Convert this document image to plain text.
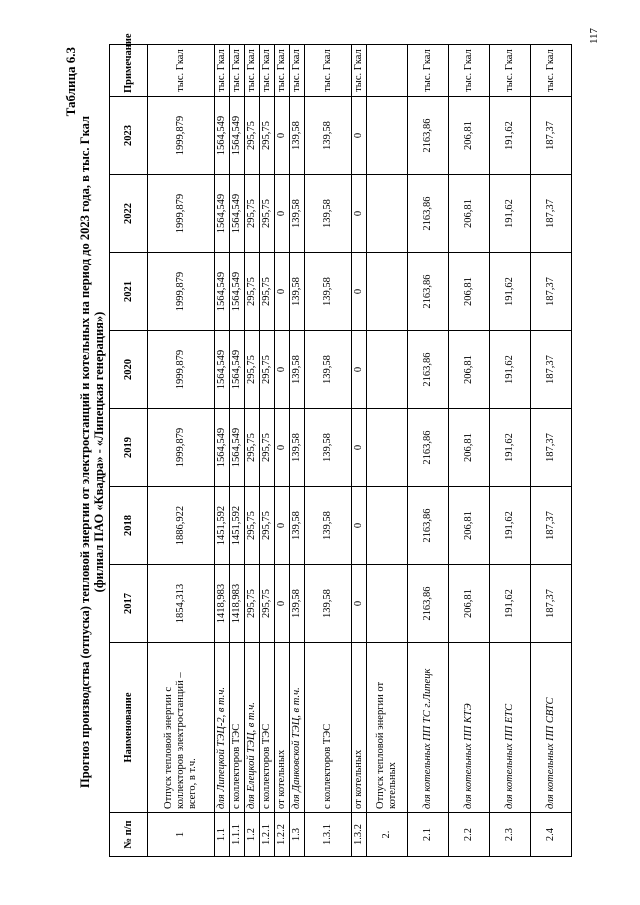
117
Таблица 6.3
Прогноз производства (отпуска) тепловой энергии от электростанций и котельных на период до 2023 года, в тыс. Гкал (филиал ПАО «Квадра» - «Липецкая генерация»)
№ п/п	Наименование	2017	2018	2019	2020	2021	2022	2023	Примечание
1	Отпуск тепловой энергии с коллекторов электростанций – всего, в т.ч.	1854,313	1886,922	1999,879	1999,879	1999,879	1999,879	1999,879	тыс. Гкал
1.1	для Липецкой ТЭЦ-2, в т.ч.	1418,983	1451,592	1564,549	1564,549	1564,549	1564,549	1564,549	тыс. Гкал
1.1.1	с коллекторов ТЭС	1418,983	1451,592	1564,549	1564,549	1564,549	1564,549	1564,549	тыс. Гкал
1.2	для Елецкой ТЭЦ, в т.ч.	295,75	295,75	295,75	295,75	295,75	295,75	295,75	тыс. Гкал
1.2.1	с коллекторов ТЭС	295,75	295,75	295,75	295,75	295,75	295,75	295,75	тыс. Гкал
1.2.2	от котельных	0	0	0	0	0	0	0	тыс. Гкал
1.3	для Данковской ТЭЦ, в т.ч.	139,58	139,58	139,58	139,58	139,58	139,58	139,58	тыс. Гкал
1.3.1	с коллекторов ТЭС	139,58	139,58	139,58	139,58	139,58	139,58	139,58	тыс. Гкал
1.3.2	от котельных	0	0	0	0	0	0	0	тыс. Гкал
2.	Отпуск тепловой энергии от котельных								
2.1	для котельных ПП ТС г.Липецк	2163,86	2163,86	2163,86	2163,86	2163,86	2163,86	2163,86	тыс. Гкал
2.2	для котельных ПП КТЭ	206,81	206,81	206,81	206,81	206,81	206,81	206,81	тыс. Гкал
2.3	для котельных ПП ЕТС	191,62	191,62	191,62	191,62	191,62	191,62	191,62	тыс. Гкал
2.4	для котельных ПП СВТС	187,37	187,37	187,37	187,37	187,37	187,37	187,37	тыс. Гкал
